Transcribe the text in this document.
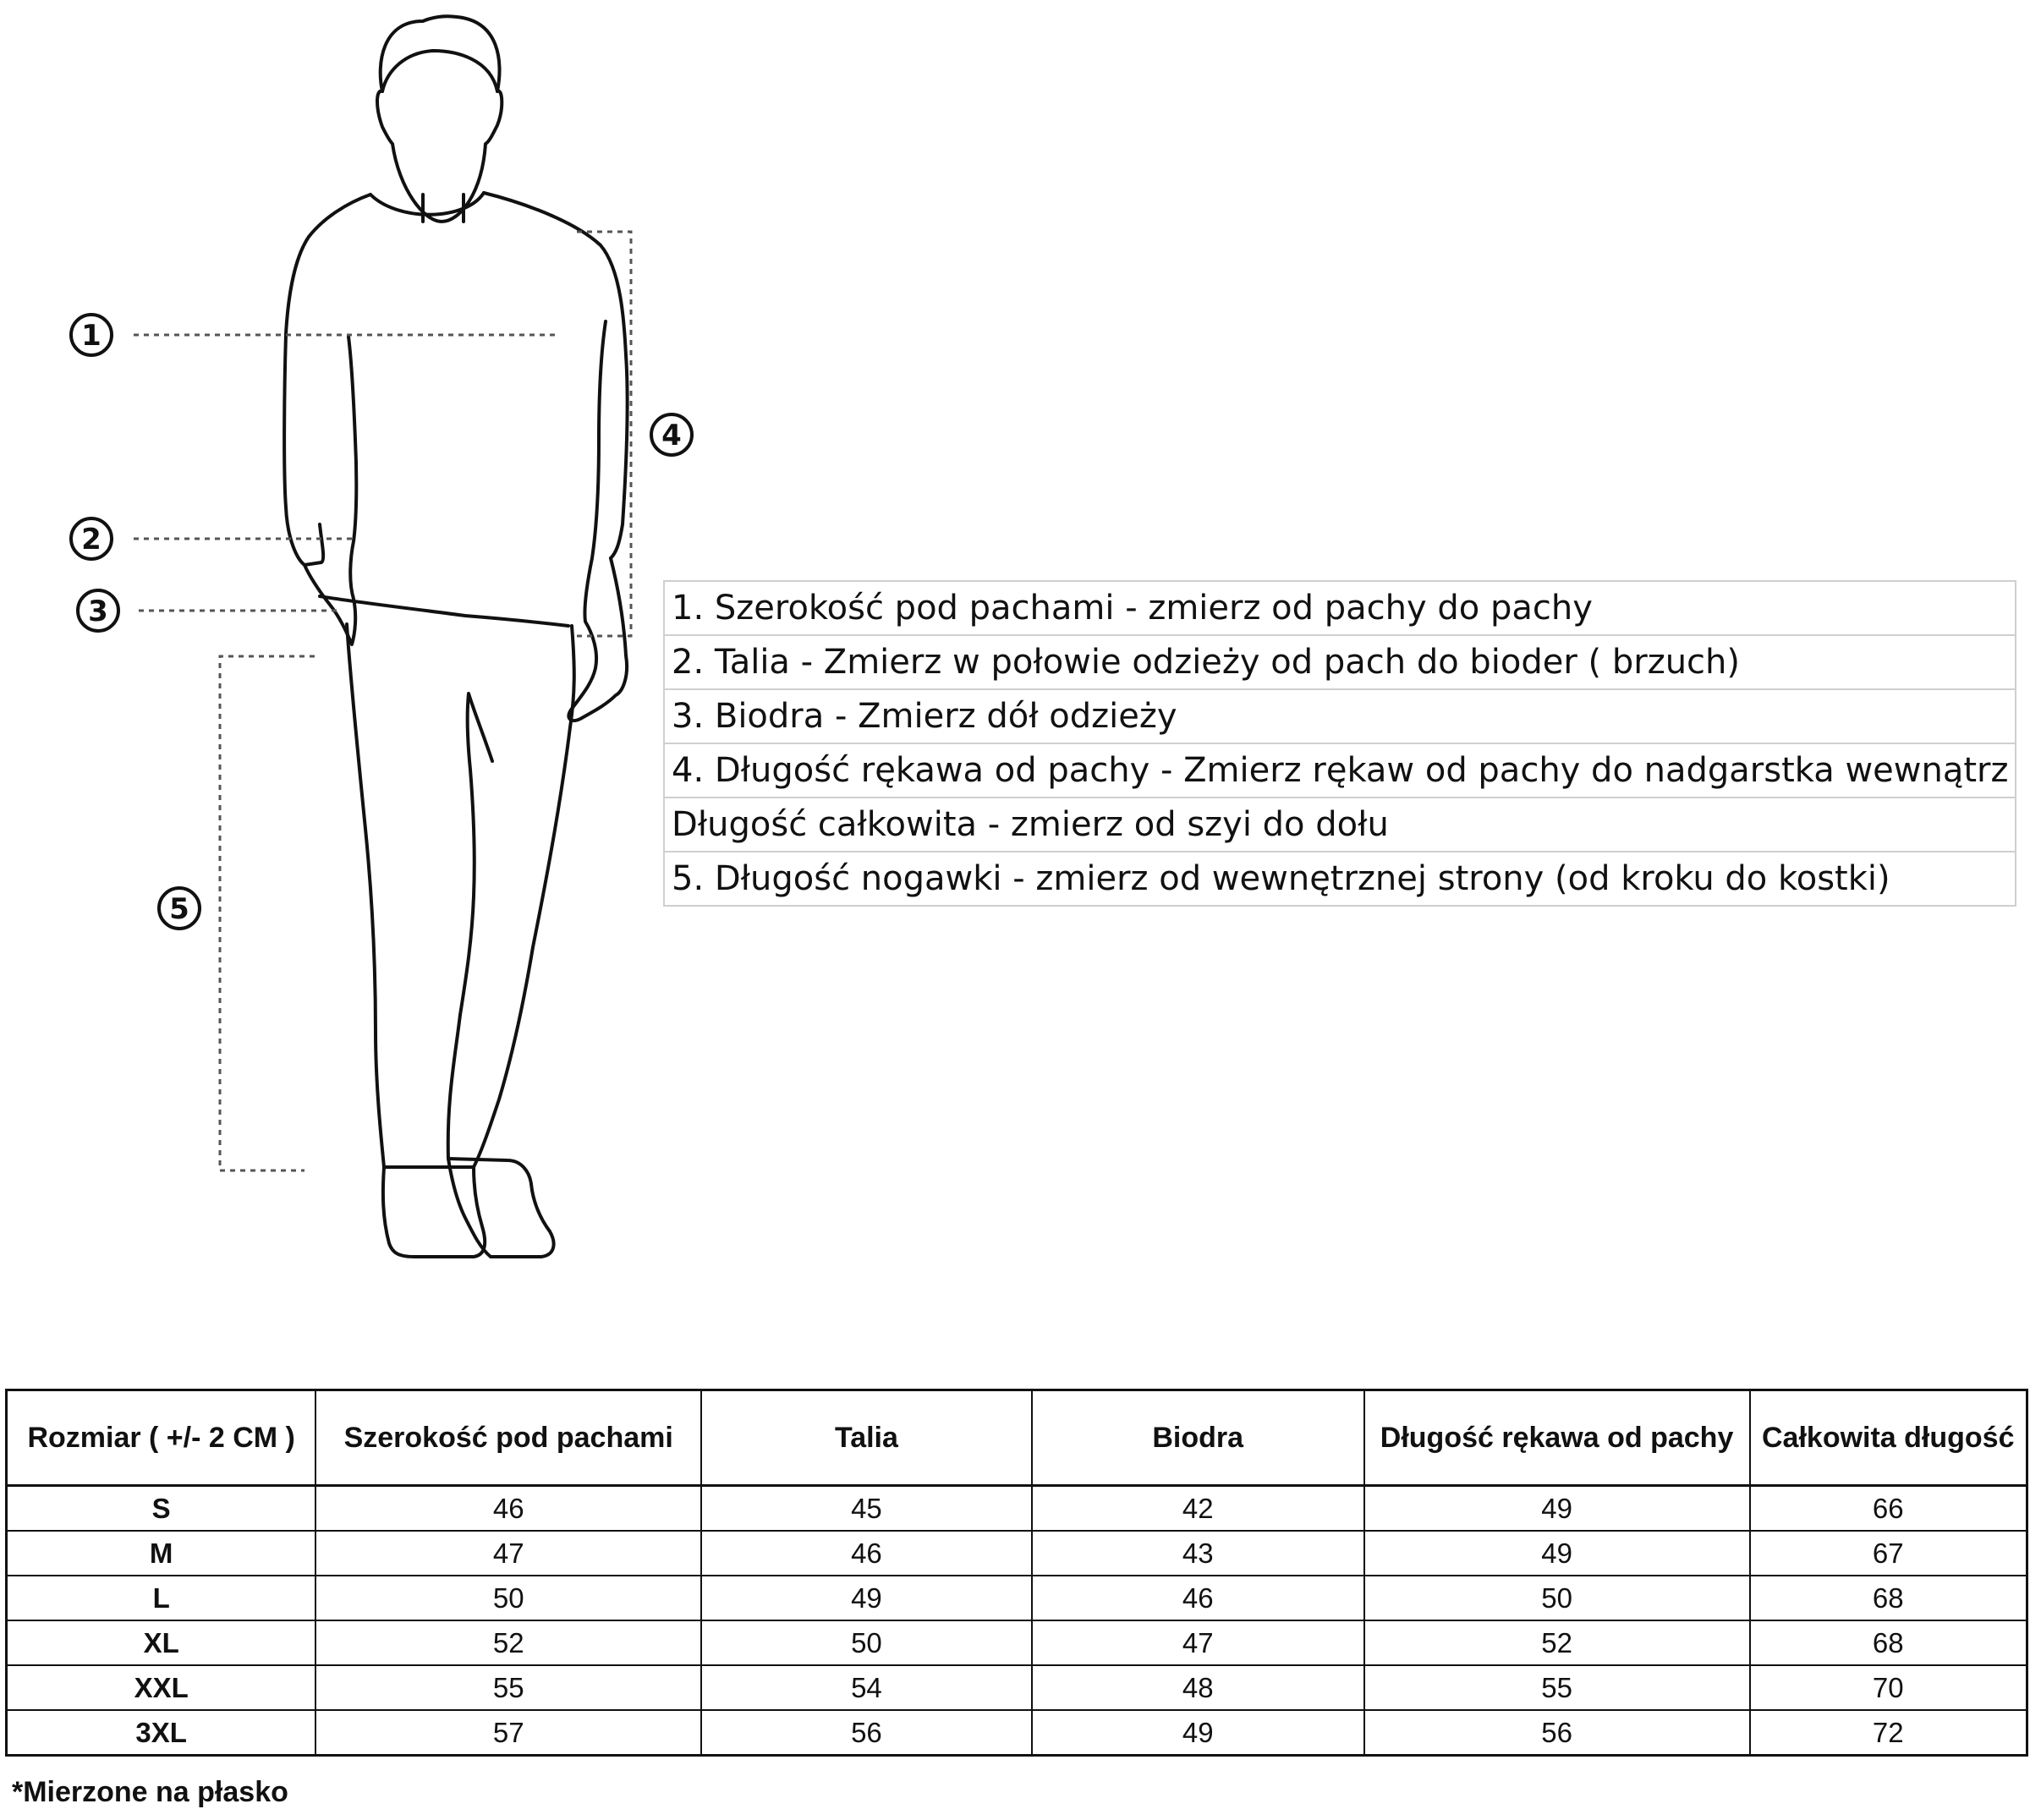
1
2
3
4
5
1. Szerokość pod pachami - zmierz od pachy do pachy
2. Talia - Zmierz w połowie odzieży od pach do bioder ( brzuch)
3. Biodra - Zmierz dół odzieży
4. Długość rękawa od pachy - Zmierz rękaw od pachy do nadgarstka wewnątrz
Długość całkowita - zmierz od szyi do dołu
5. Długość nogawki - zmierz od wewnętrznej strony (od kroku do kostki)
Rozmiar ( +/- 2 CM )	Szerokość pod pachami	Talia	Biodra	Długość rękawa od pachy	Całkowita długość
S	46	45	42	49	66
M	47	46	43	49	67
L	50	49	46	50	68
XL	52	50	47	52	68
XXL	55	54	48	55	70
3XL	57	56	49	56	72
*Mierzone na płasko
